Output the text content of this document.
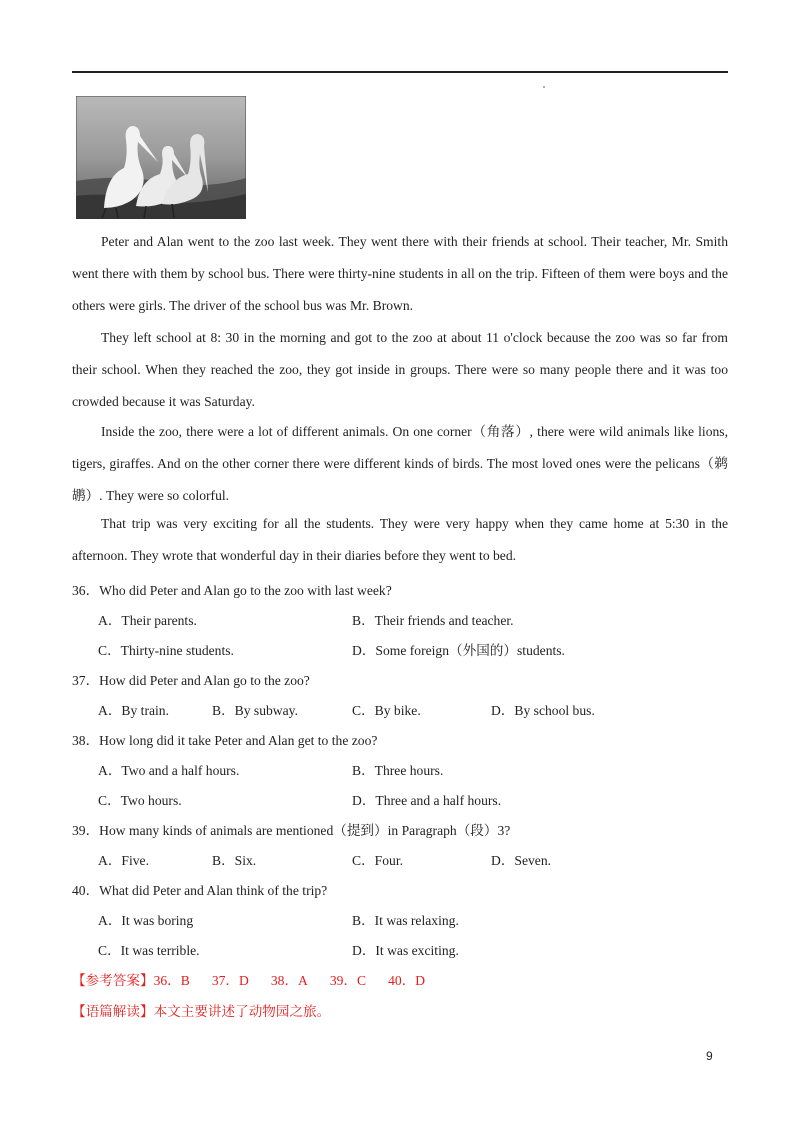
Peter and Alan went to the zoo last week. They went there with their friends at school. Their teacher, Mr. Smith went there with them by school bus. There were thirty-nine students in all on the trip. Fifteen of them were boys and the others were girls. The driver of the school bus was Mr. Brown.

They left school at 8: 30 in the morning and got to the zoo at about 11 o'clock because the zoo was so far from their school. When they reached the zoo, they got inside in groups. There were so many people there and it was too crowded because it was Saturday.

Inside the zoo, there were a lot of different animals. On one corner（角落）, there were wild animals like lions, tigers, giraffes. And on the other corner there were different kinds of birds. The most loved ones were the pelicans（鹈鹕）. They were so colorful.

That trip was very exciting for all the students. They were very happy when they came home at 5:30 in the afternoon. They wrote that wonderful day in their diaries before they went to bed.

36．Who did Peter and Alan go to the zoo with last week?
A．Their parents.	B．Their friends and teacher.
C．Thirty-nine students.	D．Some foreign（外国的）students.
37．How did Peter and Alan go to the zoo?
A．By train.	B．By subway.	C．By bike.	D．By school bus.
38．How long did it take Peter and Alan get to the zoo?
A．Two and a half hours.	B．Three hours.
C．Two hours.	D．Three and a half hours.
39．How many kinds of animals are mentioned（提到）in Paragraph（段）3?
A．Five.	B．Six.	C．Four.	D．Seven.
40．What did Peter and Alan think of the trip?
A．It was boring	B．It was relaxing.
C．It was terrible.	D．It was exciting.
【参考答案】36．B 37．D 38．A 39．C 40．D
【语篇解读】本文主要讲述了动物园之旅。
9
